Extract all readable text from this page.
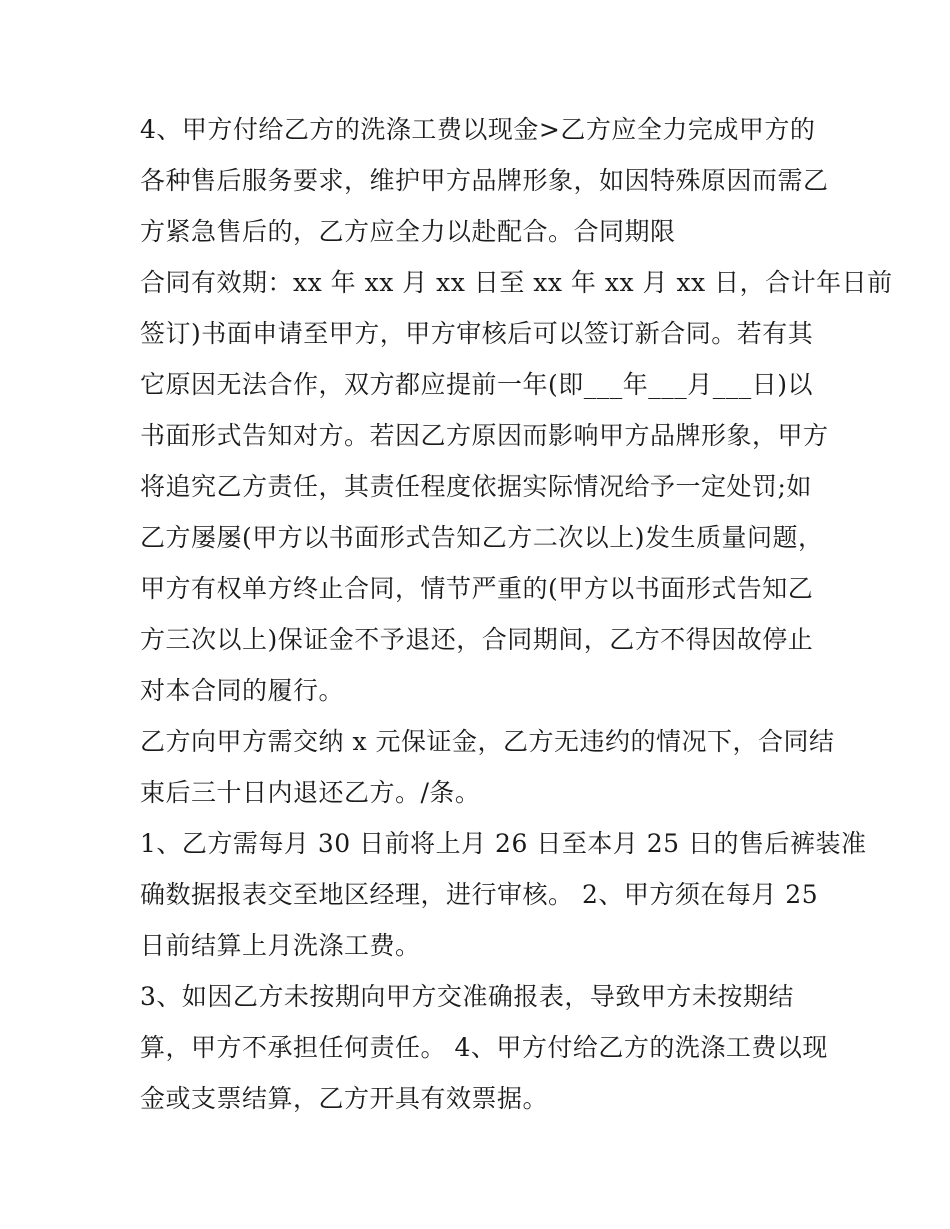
4、甲方付给乙方的洗涤工费以现金>乙方应全力完成甲方的
各种售后服务要求，维护甲方品牌形象，如因特殊原因而需乙
方紧急售后的，乙方应全力以赴配合。合同期限
合同有效期：xx 年 xx 月 xx 日至 xx 年 xx 月 xx 日，合计年日前
签订)书面申请至甲方，甲方审核后可以签订新合同。若有其
它原因无法合作，双方都应提前一年(即___年___月___日)以
书面形式告知对方。若因乙方原因而影响甲方品牌形象，甲方
将追究乙方责任，其责任程度依据实际情况给予一定处罚;如
乙方屡屡(甲方以书面形式告知乙方二次以上)发生质量问题，
甲方有权单方终止合同，情节严重的(甲方以书面形式告知乙
方三次以上)保证金不予退还，合同期间，乙方不得因故停止
对本合同的履行。
乙方向甲方需交纳 x 元保证金，乙方无违约的情况下，合同结
束后三十日内退还乙方。/条。
1、乙方需每月 30 日前将上月 26 日至本月 25 日的售后裤装准
确数据报表交至地区经理，进行审核。 2、甲方须在每月 25
日前结算上月洗涤工费。
3、如因乙方未按期向甲方交准确报表，导致甲方未按期结
算，甲方不承担任何责任。 4、甲方付给乙方的洗涤工费以现
金或支票结算，乙方开具有效票据。
